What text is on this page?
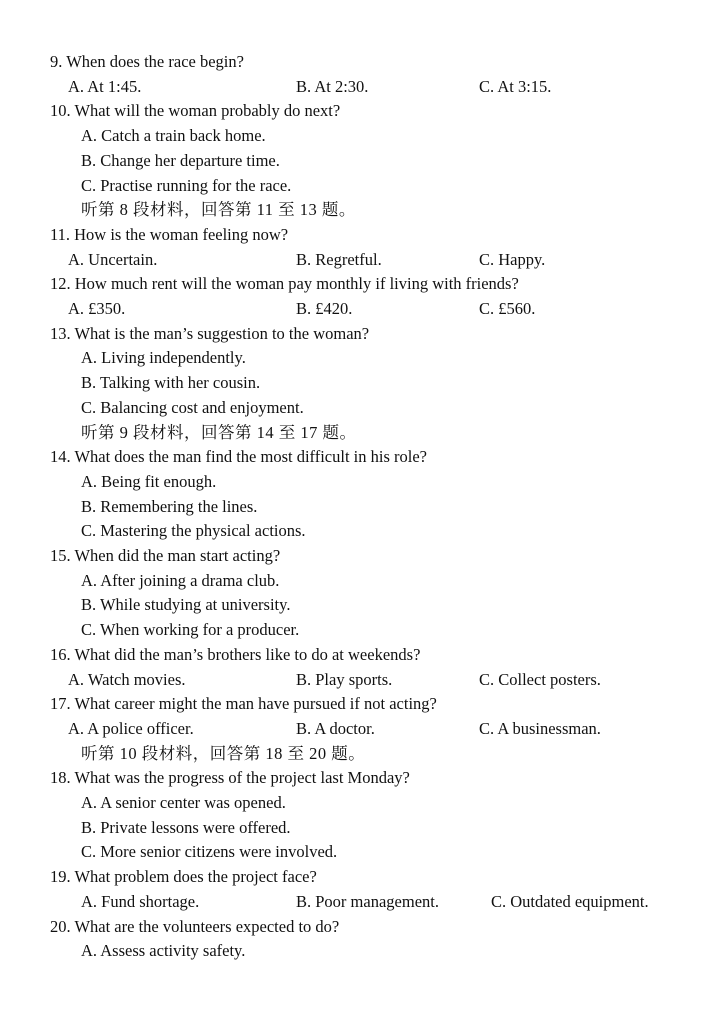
9. When does the race begin?
A. At 1:45.	B. At 2:30.	C. At 3:15.
10. What will the woman probably do next?
A. Catch a train back home.
B. Change her departure time.
C. Practise running for the race.
听第 8 段材料，回答第 11 至 13 题。
11. How is the woman feeling now?
A. Uncertain.	B. Regretful.	C. Happy.
12. How much rent will the woman pay monthly if living with friends?
A. £350.	B. £420.	C. £560.
13. What is the man’s suggestion to the woman?
A. Living independently.
B. Talking with her cousin.
C. Balancing cost and enjoyment.
听第 9 段材料，回答第 14 至 17 题。
14. What does the man find the most difficult in his role?
A. Being fit enough.
B. Remembering the lines.
C. Mastering the physical actions.
15. When did the man start acting?
A. After joining a drama club.
B. While studying at university.
C. When working for a producer.
16. What did the man’s brothers like to do at weekends?
A. Watch movies.	B. Play sports.	C. Collect posters.
17. What career might the man have pursued if not acting?
A. A police officer.	B. A doctor.	C. A businessman.
听第 10 段材料，回答第 18 至 20 题。
18. What was the progress of the project last Monday?
A. A senior center was opened.
B. Private lessons were offered.
C. More senior citizens were involved.
19. What problem does the project face?
A. Fund shortage.	B. Poor management.	C. Outdated equipment.
20. What are the volunteers expected to do?
A. Assess activity safety.
